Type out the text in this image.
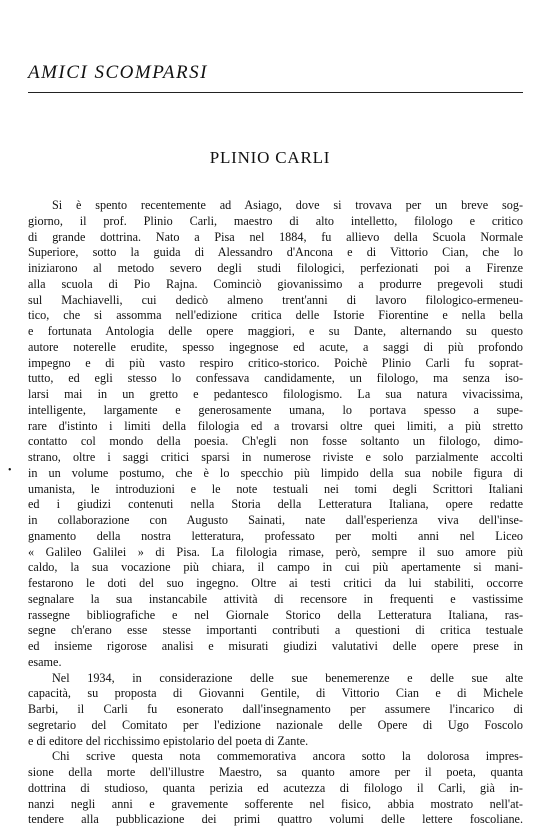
AMICI SCOMPARSI
PLINIO CARLI
•
Si è spento recentemente ad Asiago, dove si trovava per un breve sog-
giorno, il prof. Plinio Carli, maestro di alto intelletto, filologo e critico
di grande dottrina. Nato a Pisa nel 1884, fu allievo della Scuola Normale
Superiore, sotto la guida di Alessandro d'Ancona e di Vittorio Cian, che lo
iniziarono al metodo severo degli studi filologici, perfezionati poi a Firenze
alla scuola di Pio Rajna. Cominciò giovanissimo a produrre pregevoli studi
sul Machiavelli, cui dedicò almeno trent'anni di lavoro filologico-ermeneu-
tico, che si assomma nell'edizione critica delle Istorie Fiorentine e nella bella
e fortunata Antologia delle opere maggiori, e su Dante, alternando su questo
autore noterelle erudite, spesso ingegnose ed acute, a saggi di più profondo
impegno e di più vasto respiro critico-storico. Poichè Plinio Carli fu soprat-
tutto, ed egli stesso lo confessava candidamente, un filologo, ma senza iso-
larsi mai in un gretto e pedantesco filologismo. La sua natura vivacissima,
intelligente, largamente e generosamente umana, lo portava spesso a supe-
rare d'istinto i limiti della filologia ed a trovarsi oltre quei limiti, a più stretto
contatto col mondo della poesia. Ch'egli non fosse soltanto un filologo, dimo-
strano, oltre i saggi critici sparsi in numerose riviste e solo parzialmente accolti
in un volume postumo, che è lo specchio più limpido della sua nobile figura di
umanista, le introduzioni e le note testuali nei tomi degli Scrittori Italiani
ed i giudizi contenuti nella Storia della Letteratura Italiana, opere redatte
in collaborazione con Augusto Sainati, nate dall'esperienza viva dell'inse-
gnamento della nostra letteratura, professato per molti anni nel Liceo
« Galileo Galilei » di Pisa. La filologia rimase, però, sempre il suo amore più
caldo, la sua vocazione più chiara, il campo in cui più apertamente si mani-
festarono le doti del suo ingegno. Oltre ai testi critici da lui stabiliti, occorre
segnalare la sua instancabile attività di recensore in frequenti e vastissime
rassegne bibliografiche e nel Giornale Storico della Letteratura Italiana, ras-
segne ch'erano esse stesse importanti contributi a questioni di critica testuale
ed insieme rigorose analisi e misurati giudizi valutativi delle opere prese in
esame.
Nel 1934, in considerazione delle sue benemerenze e delle sue alte
capacità, su proposta di Giovanni Gentile, di Vittorio Cian e di Michele
Barbi, il Carli fu esonerato dall'insegnamento per assumere l'incarico di
segretario del Comitato per l'edizione nazionale delle Opere di Ugo Foscolo
e di editore del ricchissimo epistolario del poeta di Zante.
Chi scrive questa nota commemorativa ancora sotto la dolorosa impres-
sione della morte dell'illustre Maestro, sa quanto amore per il poeta, quanta
dottrina di studioso, quanta perizia ed acutezza di filologo il Carli, già in-
nanzi negli anni e gravemente sofferente nel fisico, abbia mostrato nell'at-
tendere alla pubblicazione dei primi quattro volumi delle lettere foscoliane.
